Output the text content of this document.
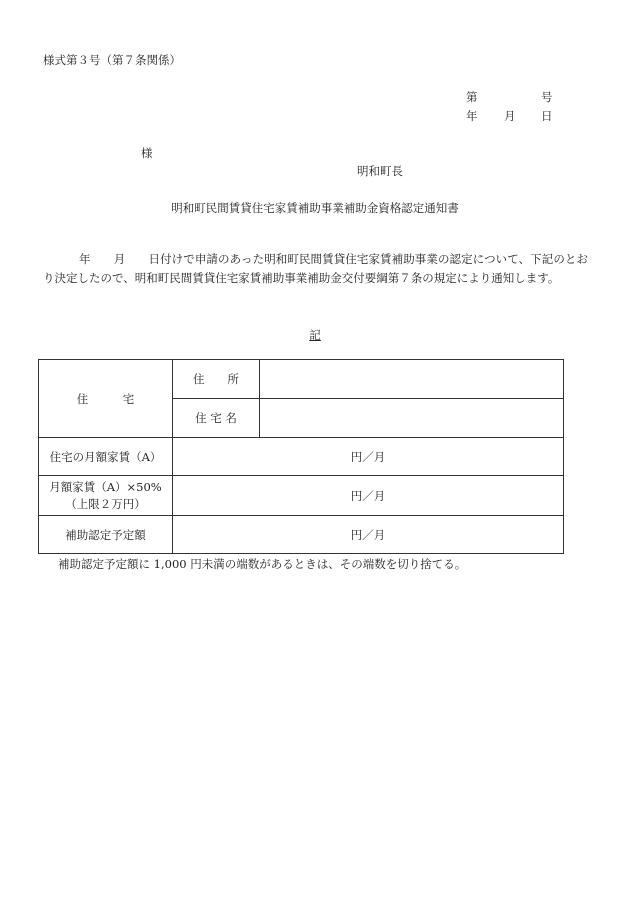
様式第３号（第７条関係）
第	号
年 月 日
様
明和町長
明和町民間賃貸住宅家賃補助事業補助金資格認定通知書
年　　月　　日付けで申請のあった明和町民間賃貸住宅家賃補助事業の認定について、下記のとおり決定したので、明和町民間賃貸住宅家賃補助事業補助金交付要綱第７条の規定により通知します。
記
住　　　宅	住　　所	
	住 宅 名	
住宅の月額家賃（A）	円／月	

月額家賃（A）×50%
（上限２万円）	円／月	
補助認定予定額	円／月	
補助認定予定額に 1,000 円未満の端数があるときは、その端数を切り捨てる。
